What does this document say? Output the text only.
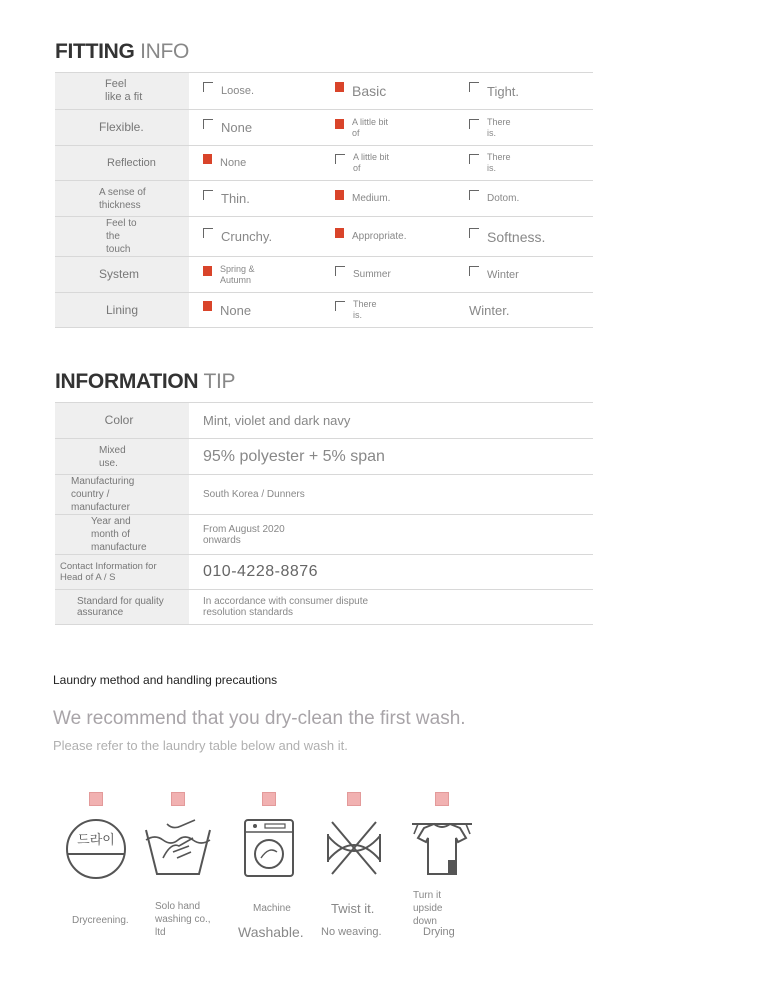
FITTING INFO
Feel like a fit	Loose.	Basic	Tight.

Flexible.	None	A little bit of	There is.

Reflection	None	A little bit of	There is.

A sense of thickness	Thin.	Medium.	Dotom.

Feel to the touch	Crunchy.	Appropriate.	Softness.

System	Spring & Autumn	Summer	Winter

Lining	None	There is.	Winter.
INFORMATION TIP
Color	Mint, violet and dark navy

Mixed use.	95% polyester + 5% span

Manufacturing country / manufacturer	South Korea / Dunners

Year and month of manufacture	From August 2020 onwards

Contact Information for Head of A / S	010-4228-8876

Standard for quality assurance	In accordance with consumer dispute resolution standards
Laundry method and handling precautions
We recommend that you dry-clean the first wash.
Please refer to the laundry table below and wash it.
드라이
Drycreening.
Solo hand washing co., ltd
Machine
Washable.
Twist it.
No weaving.
Turn it upside down
Drying
